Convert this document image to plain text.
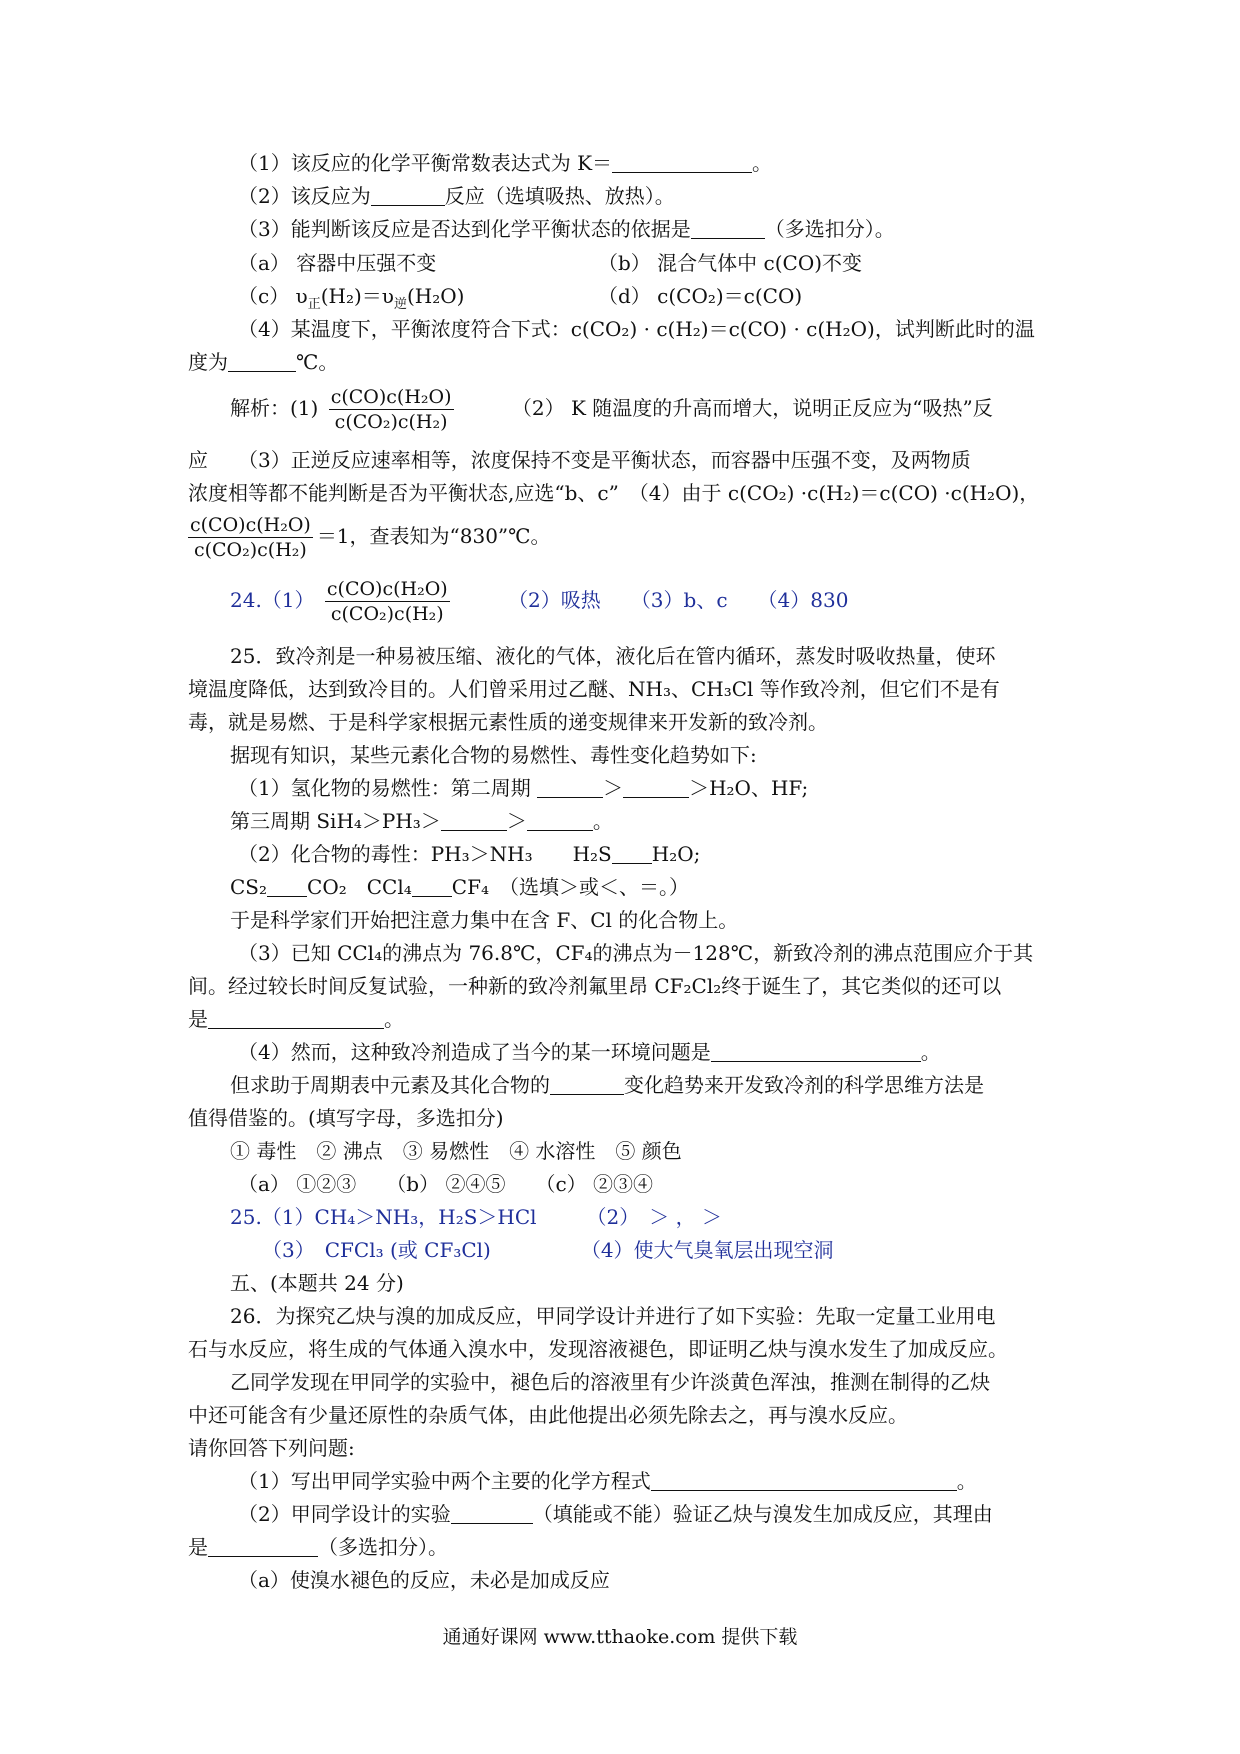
（1）该反应的化学平衡常数表达式为 K＝	。
（2）该反应为	反应（选填吸热、放热）。
（3）能判断该反应是否达到化学平衡状态的依据是	（多选扣分）。
（a） 容器中压强不变	（b） 混合气体中 c(CO)不变
（c） $\upsilon_正(H_2)=\upsilon_逆(H_2O)$	（d） c(CO₂)＝c(CO)
（4）某温度下，平衡浓度符合下式：c(CO₂) · c(H₂)＝c(CO) · c(H₂O)，试判断此时的温
度为	℃。
解析：$(1) \frac{\text{c(CO)c(H₂O)}}{\text{c(CO₂)c(H₂)}}$	（2） K 随温度的升高而增大，说明正反应为“吸热”反
应　　（3）正逆反应速率相等，浓度保持不变是平衡状态，而容器中压强不变，及两物质
浓度相等都不能判断是否为平衡状态,应选“b、c”　（4）由于 c(CO₂) ·c(H₂)＝c(CO) ·c(H₂O)，
$\frac{\text{c(CO)c(H₂O)}}{\text{c(CO₂)c(H₂)}} =1$，查表知为“830”℃。
$24.(1) \frac{\text{c(CO)c(H₂O)}}{\text{c(CO₂)c(H₂)}}$	（2）吸热　　（3）b、c　　（4）830
25．致冷剂是一种易被压缩、液化的气体，液化后在管内循环，蒸发时吸收热量，使环
境温度降低，达到致冷目的。人们曾采用过乙醚、NH₃、CH₃Cl 等作致冷剂，但它们不是有
毒，就是易燃、于是科学家根据元素性质的递变规律来开发新的致冷剂。
据现有知识，某些元素化合物的易燃性、毒性变化趋势如下:
（1）氢化物的易燃性：第二周期	＞	＞H₂O、HF;
第三周期 SiH₄＞PH₃＞	＞	。
（2）化合物的毒性：PH₃＞NH₃　　H₂S H₂O;
CS₂ CO₂　CCl₄ CF₄　（选填＞或＜、＝。）
于是科学家们开始把注意力集中在含 F、Cl 的化合物上。
（3）已知 CCl₄的沸点为 76.8℃，CF₄的沸点为－128℃，新致冷剂的沸点范围应介于其
间。经过较长时间反复试验，一种新的致冷剂氟里昂 CF₂Cl₂终于诞生了，其它类似的还可以
是	。
（4）然而，这种致冷剂造成了当今的某一环境问题是	。
但求助于周期表中元素及其化合物的	变化趋势来开发致冷剂的科学思维方法是
值得借鉴的。(填写字母，多选扣分)
① 毒性　② 沸点　③ 易燃性　④ 水溶性　⑤ 颜色
（a） ①②③　　（b） ②④⑤　　（c） ②③④
25.（1）CH₄＞NH₃，H₂S＞HCl　　　（2）　＞ ， ＞
（3）　CFCl₃ (或 CF₃Cl)　　　　　（4）使大气臭氧层出现空洞
五、(本题共 24 分)
26．为探究乙炔与溴的加成反应，甲同学设计并进行了如下实验：先取一定量工业用电
石与水反应，将生成的气体通入溴水中，发现溶液褪色，即证明乙炔与溴水发生了加成反应。
乙同学发现在甲同学的实验中，褪色后的溶液里有少许淡黄色浑浊，推测在制得的乙炔
中还可能含有少量还原性的杂质气体，由此他提出必须先除去之，再与溴水反应。
请你回答下列问题:
（1）写出甲同学实验中两个主要的化学方程式	。
（2）甲同学设计的实验	（填能或不能）验证乙炔与溴发生加成反应，其理由
是	（多选扣分）。
（a）使溴水褪色的反应，未必是加成反应
通通好课网 www.tthaoke.com 提供下载
